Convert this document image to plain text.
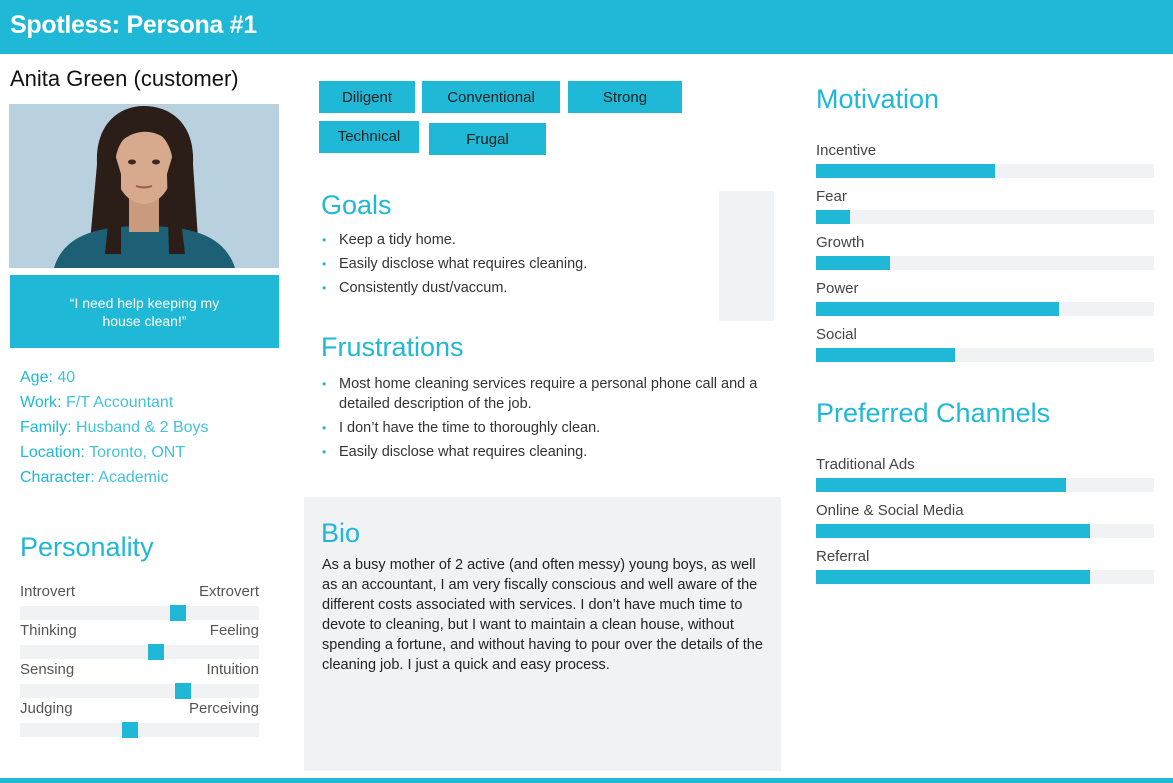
Spotless: Persona #1
Anita Green (customer)
“I need help keeping my house clean!”
Age: 40
Work: F/T Accountant
Family: Husband & 2 Boys
Location: Toronto, ONT
Character: Academic
Personality
Introvert	Extrovert
Thinking	Feeling
Sensing	Intuition
Judging	Perceiving
Diligent	Conventional	Strong
Technical	Frugal
Goals
• Keep a tidy home.
• Easily disclose what requires cleaning.
• Consistently dust/vaccum.
Frustrations
• Most home cleaning services require a personal phone call and a detailed description of the job.
• I don’t have the time to thoroughly clean.
• Easily disclose what requires cleaning.
Bio
As a busy mother of 2 active (and often messy) young boys, as well as an accountant, I am very fiscally conscious and well aware of the different costs associated with services. I don’t have much time to devote to cleaning, but I want to maintain a clean house, without spending a fortune, and without having to pour over the details of the cleaning job. I just a quick and easy process.
Motivation
Incentive
Fear
Growth
Power
Social
Preferred Channels
Traditional Ads
Online & Social Media
Referral
